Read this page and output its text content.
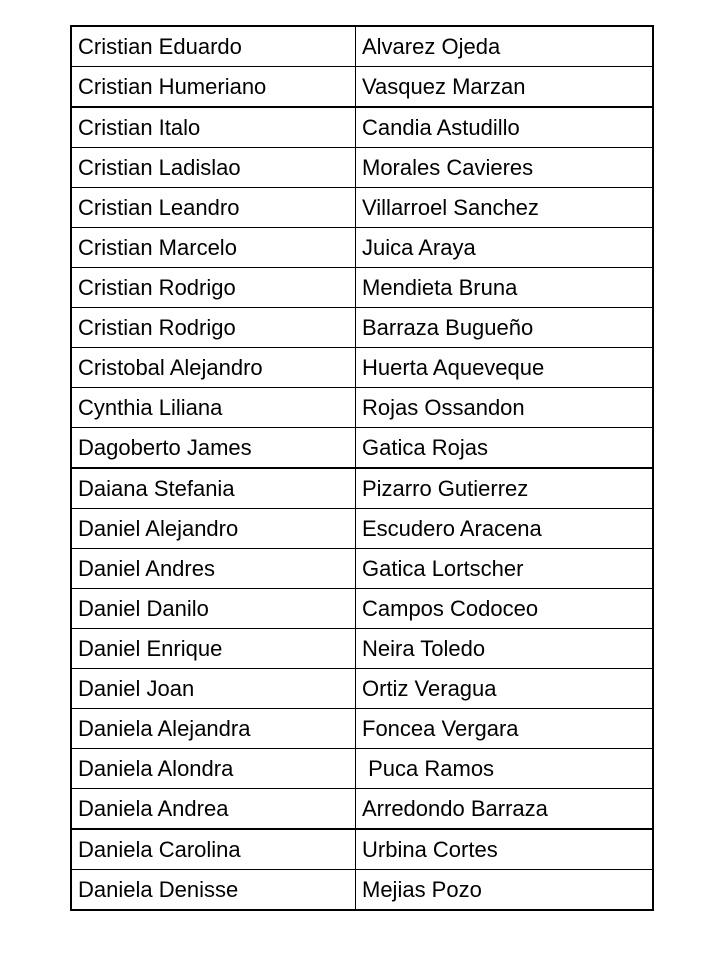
Cristian Eduardo	Alvarez Ojeda
Cristian Humeriano	Vasquez Marzan
Cristian Italo	Candia Astudillo
Cristian Ladislao	Morales Cavieres
Cristian Leandro	Villarroel Sanchez
Cristian Marcelo	Juica Araya
Cristian Rodrigo	Mendieta Bruna
Cristian Rodrigo	Barraza Bugueño
Cristobal Alejandro	Huerta Aqueveque
Cynthia Liliana	Rojas Ossandon
Dagoberto James	Gatica Rojas
Daiana Stefania	Pizarro Gutierrez
Daniel Alejandro	Escudero Aracena
Daniel Andres	Gatica Lortscher
Daniel Danilo	Campos Codoceo
Daniel Enrique	Neira Toledo
Daniel Joan	Ortiz Veragua
Daniela Alejandra	Foncea Vergara
Daniela Alondra	Puca Ramos
Daniela Andrea	Arredondo Barraza
Daniela Carolina	Urbina Cortes
Daniela Denisse	Mejias Pozo
